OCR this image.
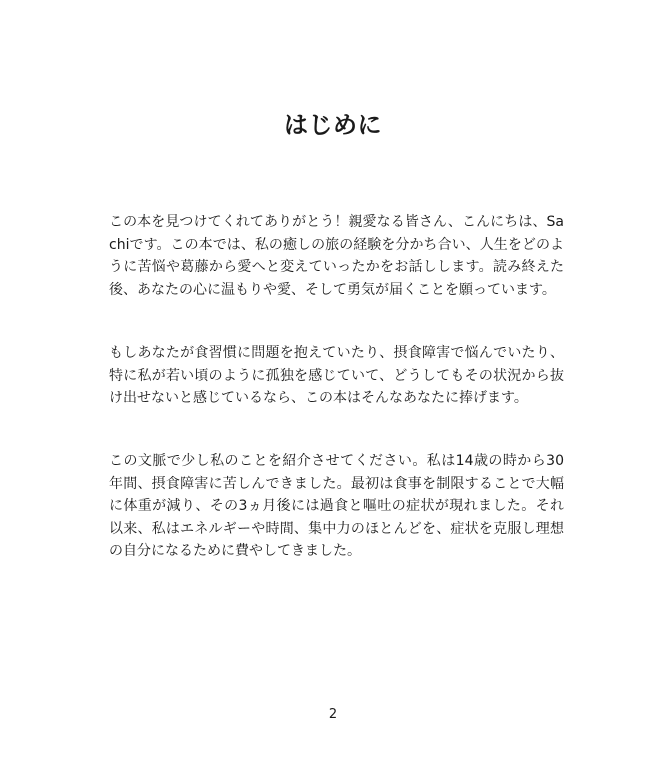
はじめに

この本を見つけてくれてありがとう！親愛なる皆さん、こんにちは、Sachiです。この本では、私の癒しの旅の経験を分かち合い、人生をどのように苦悩や葛藤から愛へと変えていったかをお話しします。読み終えた後、あなたの心に温もりや愛、そして勇気が届くことを願っています。

もしあなたが食習慣に問題を抱えていたり、摂食障害で悩んでいたり、特に私が若い頃のように孤独を感じていて、どうしてもその状況から抜け出せないと感じているなら、この本はそんなあなたに捧げます。

この文脈で少し私のことを紹介させてください。私は14歳の時から30年間、摂食障害に苦しんできました。最初は食事を制限することで大幅に体重が減り、その3ヵ月後には過食と嘔吐の症状が現れました。それ以来、私はエネルギーや時間、集中力のほとんどを、症状を克服し理想の自分になるために費やしてきました。

2
